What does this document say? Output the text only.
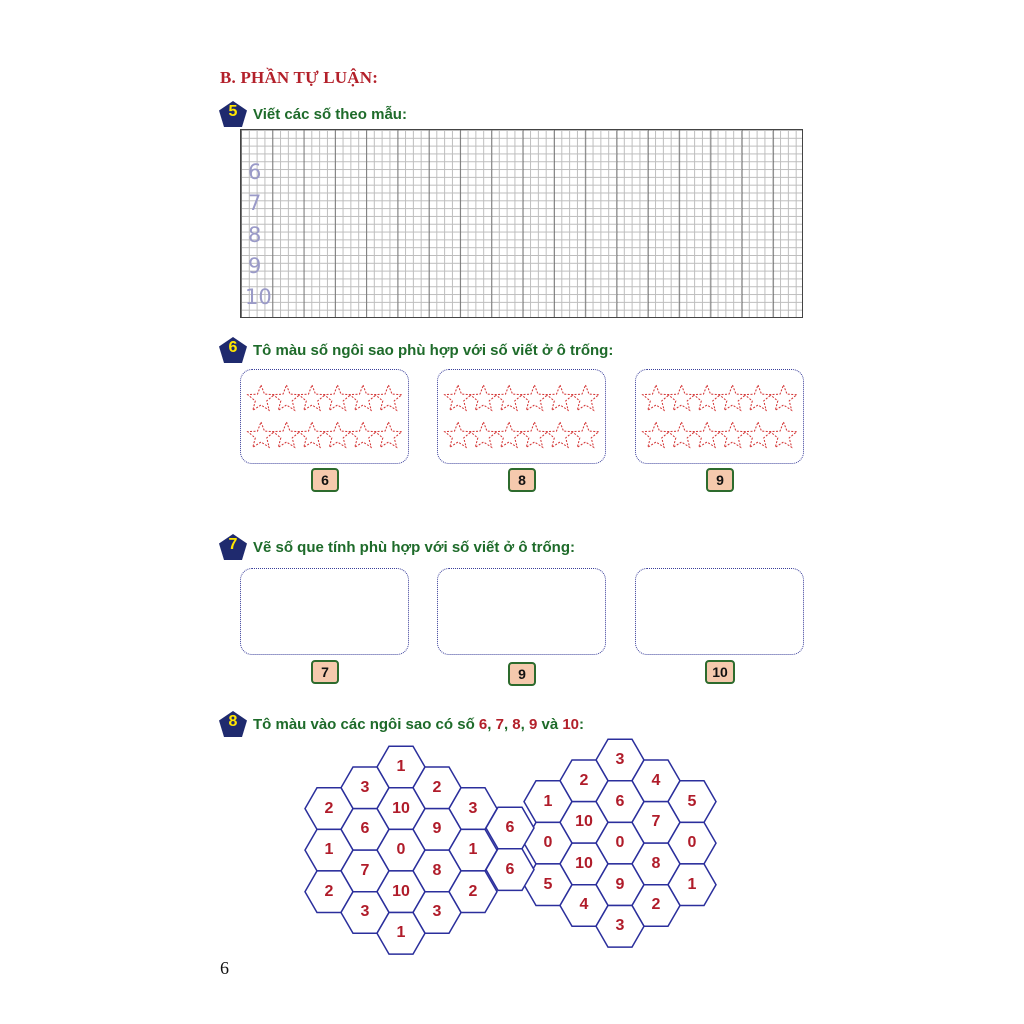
B. PHẦN TỰ LUẬN:
5	Viết các số theo mẫu:
6
7
8
9
10
6	Tô màu số ngôi sao phù hợp với số viết ở ô trống:
6	8	9
7	Vẽ số que tính phù hợp với số viết ở ô trống:
7	9	10
8	Tô màu vào các ngôi sao có số 6, 7, 8, 9 và 10:
1
3	2
2	10	3
6	9
1	0	1
7	8
2	10	2
3	3
1
3
2	4
1	6	5
10	7
0	0	0
10	8
5	9	1
4	2
3
6
6
6
